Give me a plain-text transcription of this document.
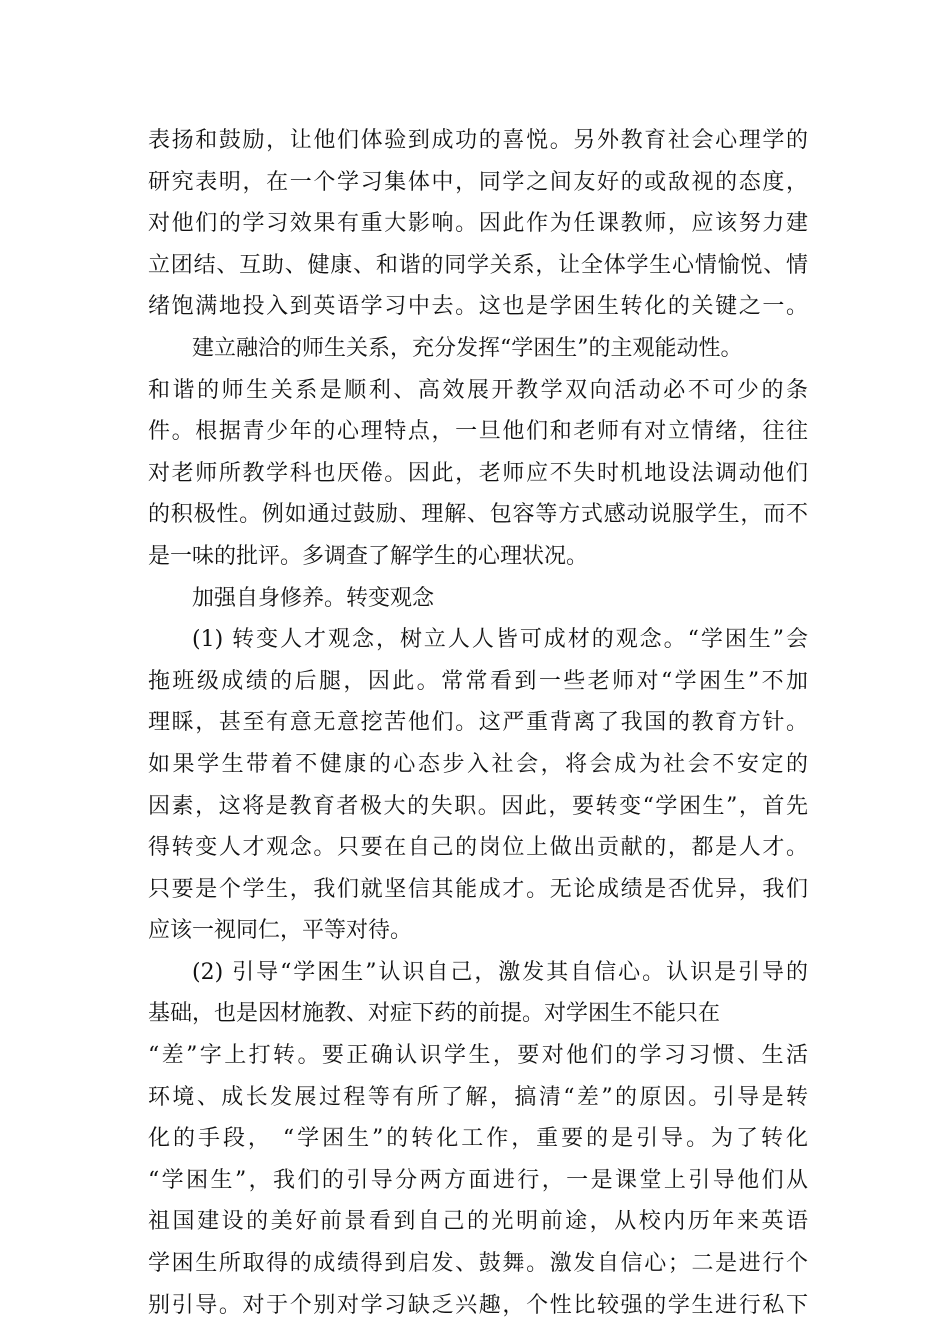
表扬和鼓励，让他们体验到成功的喜悦。另外教育社会心理学的
研究表明，在一个学习集体中，同学之间友好的或敌视的态度，
对他们的学习效果有重大影响。因此作为任课教师，应该努力建
立团结、互助、健康、和谐的同学关系，让全体学生心情愉悦、情
绪饱满地投入到英语学习中去。这也是学困生转化的关键之一。
建立融洽的师生关系，充分发挥“学困生”的主观能动性。
和谐的师生关系是顺利、高效展开教学双向活动必不可少的条
件。根据青少年的心理特点，一旦他们和老师有对立情绪，往往
对老师所教学科也厌倦。因此，老师应不失时机地设法调动他们
的积极性。例如通过鼓励、理解、包容等方式感动说服学生，而不
是一味的批评。多调查了解学生的心理状况。
加强自身修养。转变观念
(1) 转变人才观念，树立人人皆可成材的观念。“学困生”会
拖班级成绩的后腿，因此。常常看到一些老师对“学困生”不加
理睬，甚至有意无意挖苦他们。这严重背离了我国的教育方针。
如果学生带着不健康的心态步入社会，将会成为社会不安定的
因素，这将是教育者极大的失职。因此，要转变“学困生”，首先
得转变人才观念。只要在自己的岗位上做出贡献的，都是人才。
只要是个学生，我们就坚信其能成才。无论成绩是否优异，我们
应该一视同仁，平等对待。
(2) 引导“学困生”认识自己，激发其自信心。认识是引导的
基础，也是因材施教、对症下药的前提。对学困生不能只在
“差”字上打转。要正确认识学生，要对他们的学习习惯、生活
环境、成长发展过程等有所了解，搞清“差”的原因。引导是转
化的手段， “学困生”的转化工作，重要的是引导。为了转化
“学困生”，我们的引导分两方面进行，一是课堂上引导他们从
祖国建设的美好前景看到自己的光明前途，从校内历年来英语
学困生所取得的成绩得到启发、鼓舞。激发自信心；二是进行个
别引导。对于个别对学习缺乏兴趣，个性比较强的学生进行私下
